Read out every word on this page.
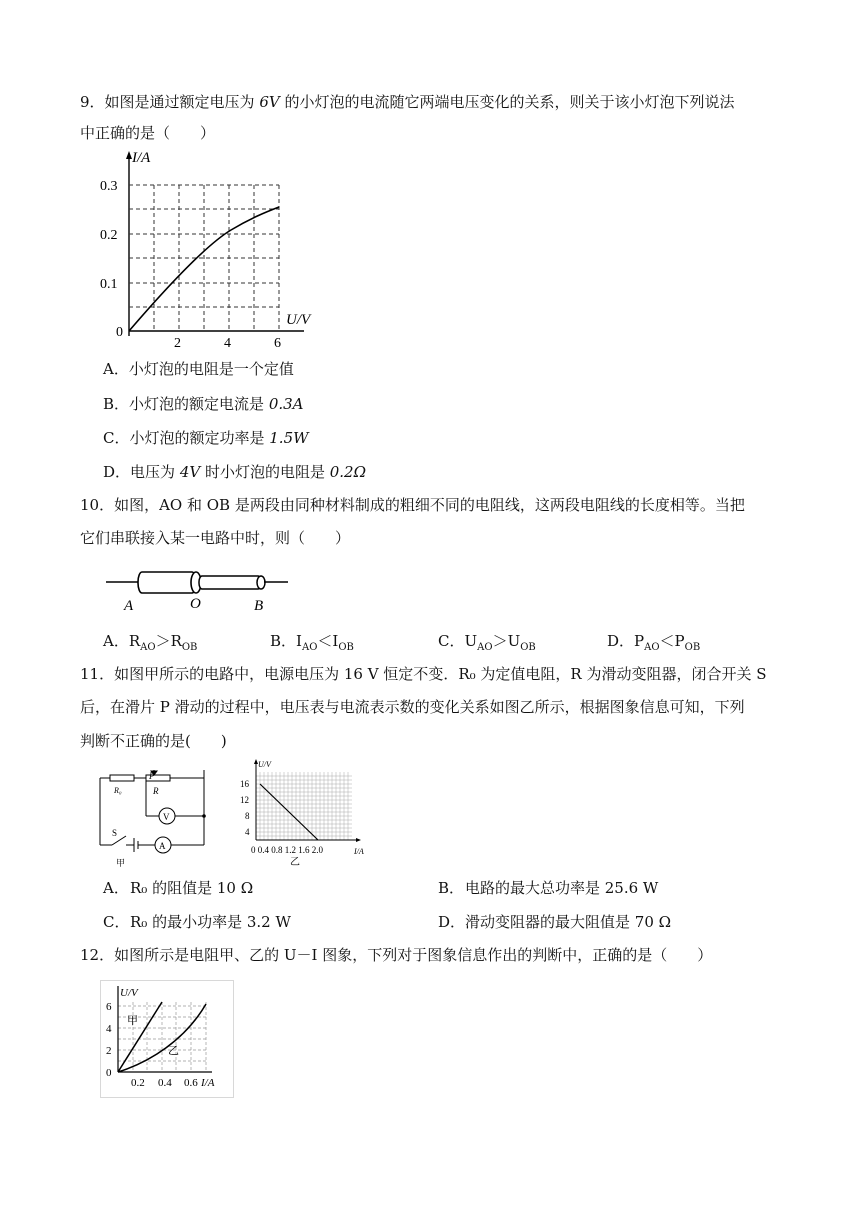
9．如图是通过额定电压为 6V 的小灯泡的电流随它两端电压变化的关系，则关于该小灯泡下列说法
中正确的是（　　）
I/A
0.3
0.2
0.1
0
2	4	6
U/V
A．小灯泡的电阻是一个定值
B．小灯泡的额定电流是 0.3A
C．小灯泡的额定功率是 1.5W
D．电压为 4V 时小灯泡的电阻是 0.2Ω
10．如图，AO 和 OB 是两段由同种材料制成的粗细不同的电阻线，这两段电阻线的长度相等。当把
它们串联接入某一电路中时，则（　　）
A	O	B
A．$R_{AO}>R_{OB}$	B．$I_{AO}<I_{OB}$	C．$U_{AO}>U_{OB}$	D．$P_{AO}<P_{OB}$
11．如图甲所示的电路中，电源电压为 16 V 恒定不变．R₀ 为定值电阻，R 为滑动变阻器，闭合开关 S
后，在滑片 P 滑动的过程中，电压表与电流表示数的变化关系如图乙所示，根据图象信息可知，下列
判断不正确的是(　　)
P
R₀	R
V
S
A
甲
U/V
16
12
8
4
0 0.4 0.8 1.2 1.6 2.0	I/A
乙
A． R₀ 的阻值是 10 Ω	B． 电路的最大总功率是 25.6 W
C． R₀ 的最小功率是 3.2 W	D． 滑动变阻器的最大阻值是 70 Ω
12．如图所示是电阻甲、乙的 U－I 图象，下列对于图象信息作出的判断中，正确的是（　　）
U/V
6
4
2
0
0.2 0.4 0.6 I/A
甲
乙
